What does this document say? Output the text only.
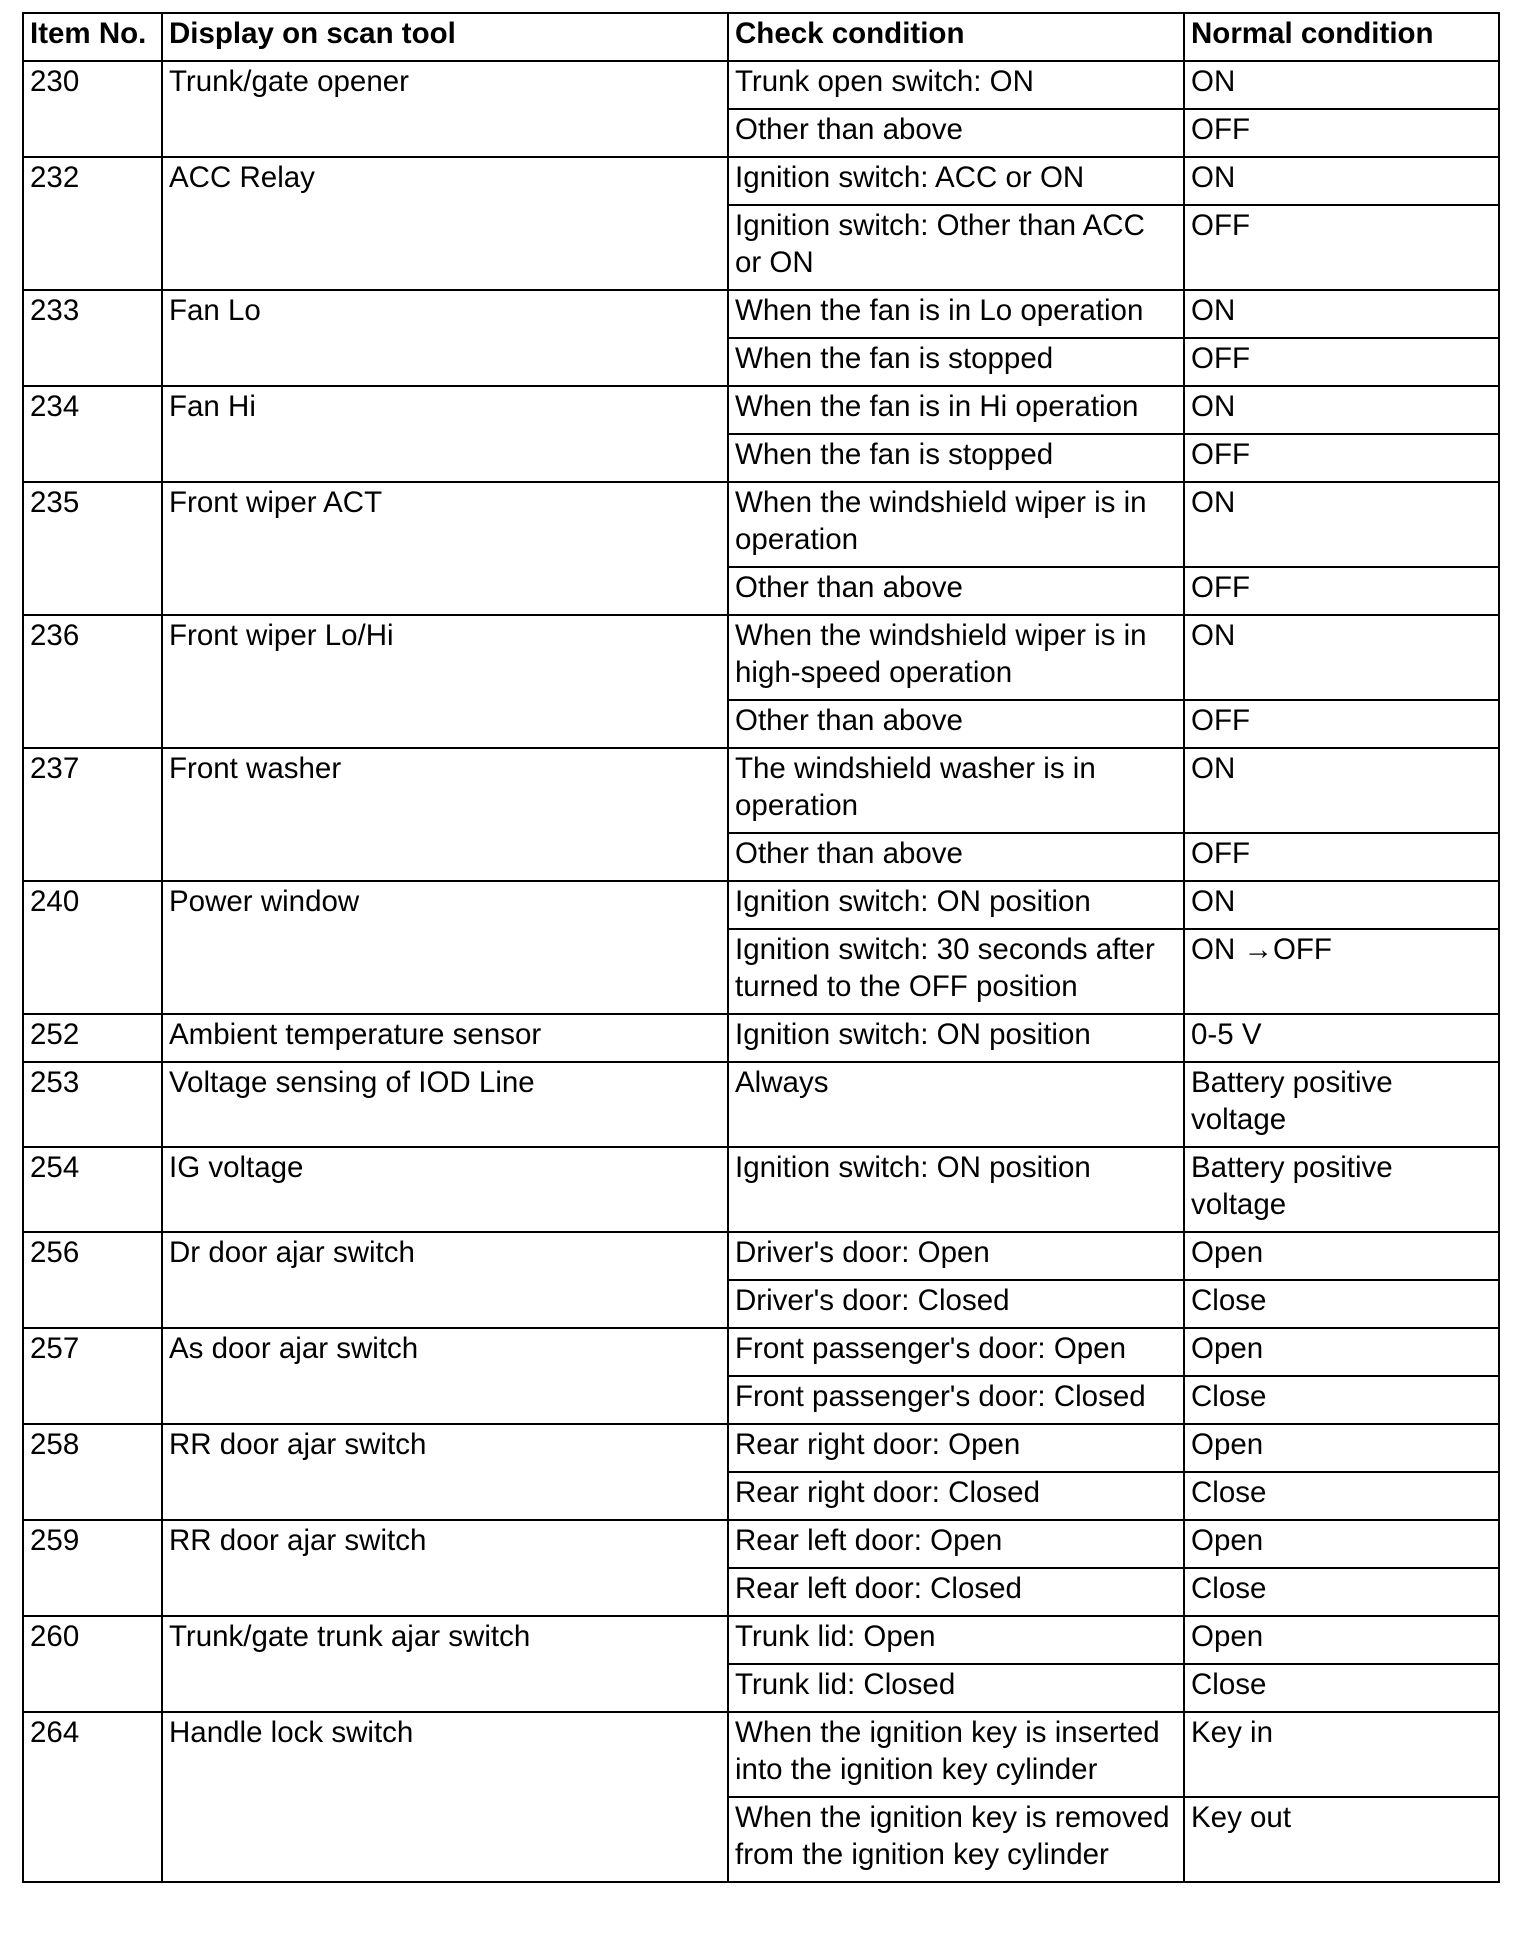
Item No.	Display on scan tool	Check condition	Normal condition
230	Trunk/gate opener	Trunk open switch: ON	ON
		Other than above	OFF
232	ACC Relay	Ignition switch: ACC or ON	ON
		Ignition switch: Other than ACC or ON	OFF
233	Fan Lo	When the fan is in Lo operation	ON
		When the fan is stopped	OFF
234	Fan Hi	When the fan is in Hi operation	ON
		When the fan is stopped	OFF
235	Front wiper ACT	When the windshield wiper is in operation	ON
		Other than above	OFF
236	Front wiper Lo/Hi	When the windshield wiper is in high-speed operation	ON
		Other than above	OFF
237	Front washer	The windshield washer is in operation	ON
		Other than above	OFF
240	Power window	Ignition switch: ON position	ON
		Ignition switch: 30 seconds after turned to the OFF position	ON →OFF
252	Ambient temperature sensor	Ignition switch: ON position	0-5 V
253	Voltage sensing of IOD Line	Always	Battery positive voltage
254	IG voltage	Ignition switch: ON position	Battery positive voltage
256	Dr door ajar switch	Driver's door: Open	Open
		Driver's door: Closed	Close
257	As door ajar switch	Front passenger's door: Open	Open
		Front passenger's door: Closed	Close
258	RR door ajar switch	Rear right door: Open	Open
		Rear right door: Closed	Close
259	RR door ajar switch	Rear left door: Open	Open
		Rear left door: Closed	Close
260	Trunk/gate trunk ajar switch	Trunk lid: Open	Open
		Trunk lid: Closed	Close
264	Handle lock switch	When the ignition key is inserted into the ignition key cylinder	Key in
		When the ignition key is removed from the ignition key cylinder	Key out
